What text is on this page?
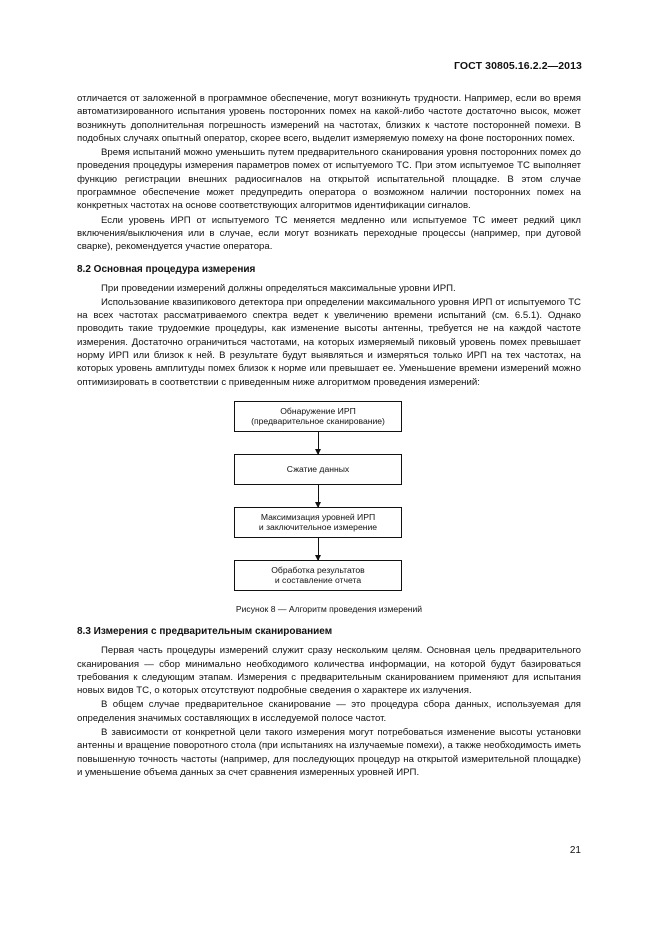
ГОСТ 30805.16.2.2—2013

отличается от заложенной в программное обеспечение, могут возникнуть трудности. Например, если во время автоматизированного испытания уровень посторонних помех на какой-либо частоте достаточно высок, может возникнуть дополнительная погрешность измерений на частотах, близких к частоте посторонней помехи. В подобных случаях опытный оператор, скорее всего, выделит измеряемую помеху на фоне посторонних помех.

Время испытаний можно уменьшить путем предварительного сканирования уровня посторонних помех до проведения процедуры измерения параметров помех от испытуемого ТС. При этом испытуемое ТС выполняет функцию регистрации внешних радиосигналов на открытой испытательной площадке. В этом случае программное обеспечение может предупредить оператора о возможном наличии посторонних помех на конкретных частотах на основе соответствующих алгоритмов идентификации сигналов.

Если уровень ИРП от испытуемого ТС меняется медленно или испытуемое ТС имеет редкий цикл включения/выключения или в случае, если могут возникать переходные процессы (например, при дуговой сварке), рекомендуется участие оператора.

8.2 Основная процедура измерения

При проведении измерений должны определяться максимальные уровни ИРП.

Использование квазипикового детектора при определении максимального уровня ИРП от испытуемого ТС на всех частотах рассматриваемого спектра ведет к увеличению времени испытаний (см. 6.5.1). Однако проводить такие трудоемкие процедуры, как изменение высоты антенны, требуется не на каждой частоте измерения. Достаточно ограничиться частотами, на которых измеряемый пиковый уровень помех превышает норму ИРП или близок к ней. В результате будут выявляться и измеряться только ИРП на тех частотах, на которых уровень амплитуды помех близок к норме или превышает ее. Уменьшение времени измерений можно оптимизировать в соответствии с приведенным ниже алгоритмом проведения измерений:

Обнаружение ИРП
(предварительное сканирование)
Сжатие данных
Максимизация уровней ИРП
и заключительное измерение
Обработка результатов
и составление отчета
Рисунок 8 — Алгоритм проведения измерений
8.3 Измерения с предварительным сканированием

Первая часть процедуры измерений служит сразу нескольким целям. Основная цель предварительного сканирования — сбор минимально необходимого количества информации, на которой будут базироваться требования к следующим этапам. Измерения с предварительным сканированием применяют для испытания новых видов ТС, о которых отсутствуют подробные сведения о характере их излучения.

В общем случае предварительное сканирование — это процедура сбора данных, используемая для определения значимых составляющих в исследуемой полосе частот.

В зависимости от конкретной цели такого измерения могут потребоваться изменение высоты установки антенны и вращение поворотного стола (при испытаниях на излучаемые помехи), а также необходимость иметь повышенную точность частоты (например, для последующих процедур на открытой измерительной площадке) и уменьшение объема данных за счет сравнения измеренных уровней ИРП.

21
